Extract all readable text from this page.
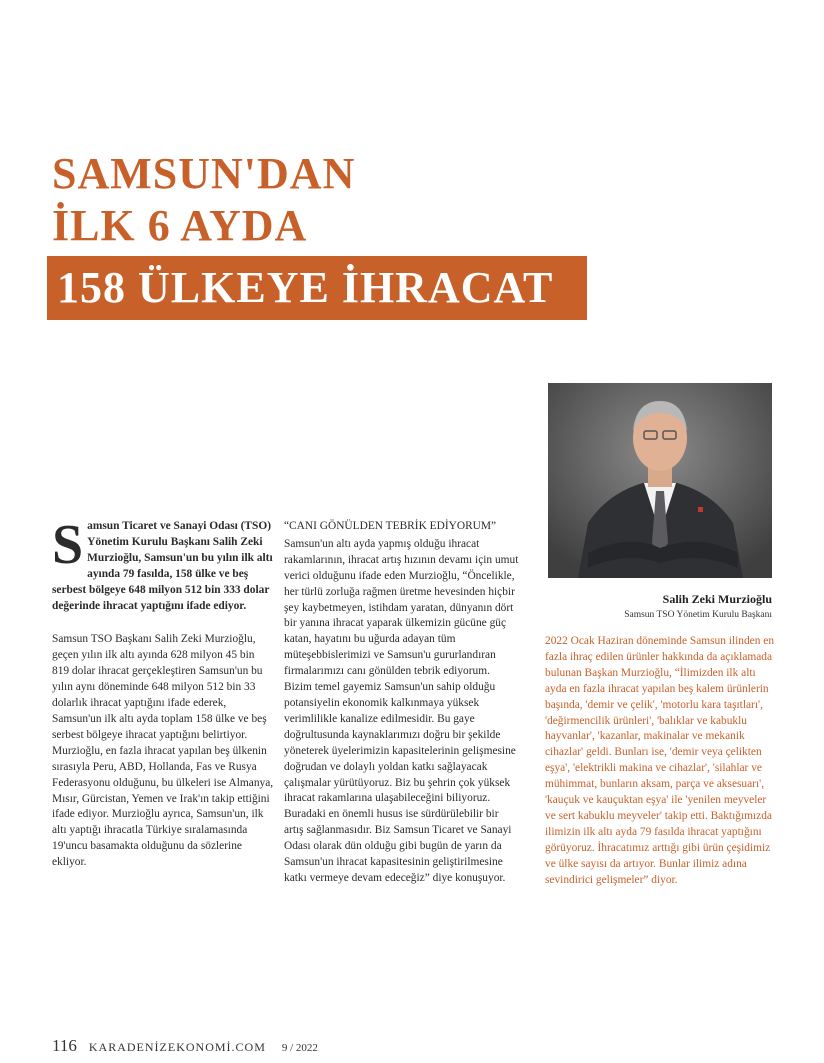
SAMSUN'DAN
İLK 6 AYDA
158 ÜLKEYE İHRACAT
Salih Zeki Murzioğlu
Samsun TSO Yönetim Kurulu Başkanı
S amsun Ticaret ve Sanayi Odası (TSO) Yönetim Kurulu Başkanı Salih Zeki Murzioğlu, Samsun'un bu yılın ilk altı ayında 79 fasılda, 158 ülke ve beş serbest bölgeye 648 milyon 512 bin 333 dolar değerinde ihracat yaptığını ifade ediyor.
Samsun TSO Başkanı Salih Zeki Murzioğlu, geçen yılın ilk altı ayında 628 milyon 45 bin 819 dolar ihracat gerçekleştiren Samsun'un bu yılın aynı döneminde 648 milyon 512 bin 33 dolarlık ihracat yaptığını ifade ederek, Samsun'un ilk altı ayda toplam 158 ülke ve beş serbest bölgeye ihracat yaptığını belirtiyor. Murzioğlu, en fazla ihracat yapılan beş ülkenin sırasıyla Peru, ABD, Hollanda, Fas ve Rusya Federasyonu olduğunu, bu ülkeleri ise Almanya, Mısır, Gürcistan, Yemen ve Irak'ın takip ettiğini ifade ediyor. Murzioğlu ayrıca, Samsun'un, ilk altı yaptığı ihracatla Türkiye sıralamasında 19'uncu basamakta olduğunu da sözlerine ekliyor.
“CANI GÖNÜLDEN TEBRİK EDİYORUM”
Samsun'un altı ayda yapmış olduğu ihracat rakamlarının, ihracat artış hızının devamı için umut verici olduğunu ifade eden Murzioğlu, “Öncelikle, her türlü zorluğa rağmen üretme hevesinden hiçbir şey kaybetmeyen, istihdam yaratan, dünyanın dört bir yanına ihracat yaparak ülkemizin gücüne güç katan, hayatını bu uğurda adayan tüm müteşebbislerimizi ve Samsun'u gururlandıran firmalarımızı canı gönülden tebrik ediyorum. Bizim temel gayemiz Samsun'un sahip olduğu potansiyelin ekonomik kalkınmaya yüksek verimlilikle kanalize edilmesidir. Bu gaye doğrultusunda kaynaklarımızı doğru bir şekilde yöneterek üyelerimizin kapasitelerinin gelişmesine doğrudan ve dolaylı yoldan katkı sağlayacak çalışmalar yürütüyoruz. Biz bu şehrin çok yüksek ihracat rakamlarına ulaşabileceğini biliyoruz. Buradaki en önemli husus ise sürdürülebilir bir artış sağlanmasıdır. Biz Samsun Ticaret ve Sanayi Odası olarak dün olduğu gibi bugün de yarın da Samsun'un ihracat kapasitesinin geliştirilmesine katkı vermeye devam edeceğiz” diye konuşuyor.
2022 Ocak Haziran döneminde Samsun ilinden en fazla ihraç edilen ürünler hakkında da açıklamada bulunan Başkan Murzioğlu, “İlimizden ilk altı ayda en fazla ihracat yapılan beş kalem ürünlerin başında, 'demir ve çelik', 'motorlu kara taşıtları', 'değirmencilik ürünleri', 'balıklar ve kabuklu hayvanlar', 'kazanlar, makinalar ve mekanik cihazlar' geldi. Bunları ise, 'demir veya çelikten eşya', 'elektrikli makina ve cihazlar', 'silahlar ve mühimmat, bunların aksam, parça ve aksesuarı', 'kauçuk ve kauçuktan eşya' ile 'yenilen meyveler ve sert kabuklu meyveler' takip etti. Baktığımızda ilimizin ilk altı ayda 79 fasılda ihracat yaptığını görüyoruz. İhracatımız arttığı gibi ürün çeşidimiz ve ülke sayısı da artıyor. Bunlar ilimiz adına sevindirici gelişmeler” diyor.
116 KARADENİZEKONOMİ.COM 9 / 2022
